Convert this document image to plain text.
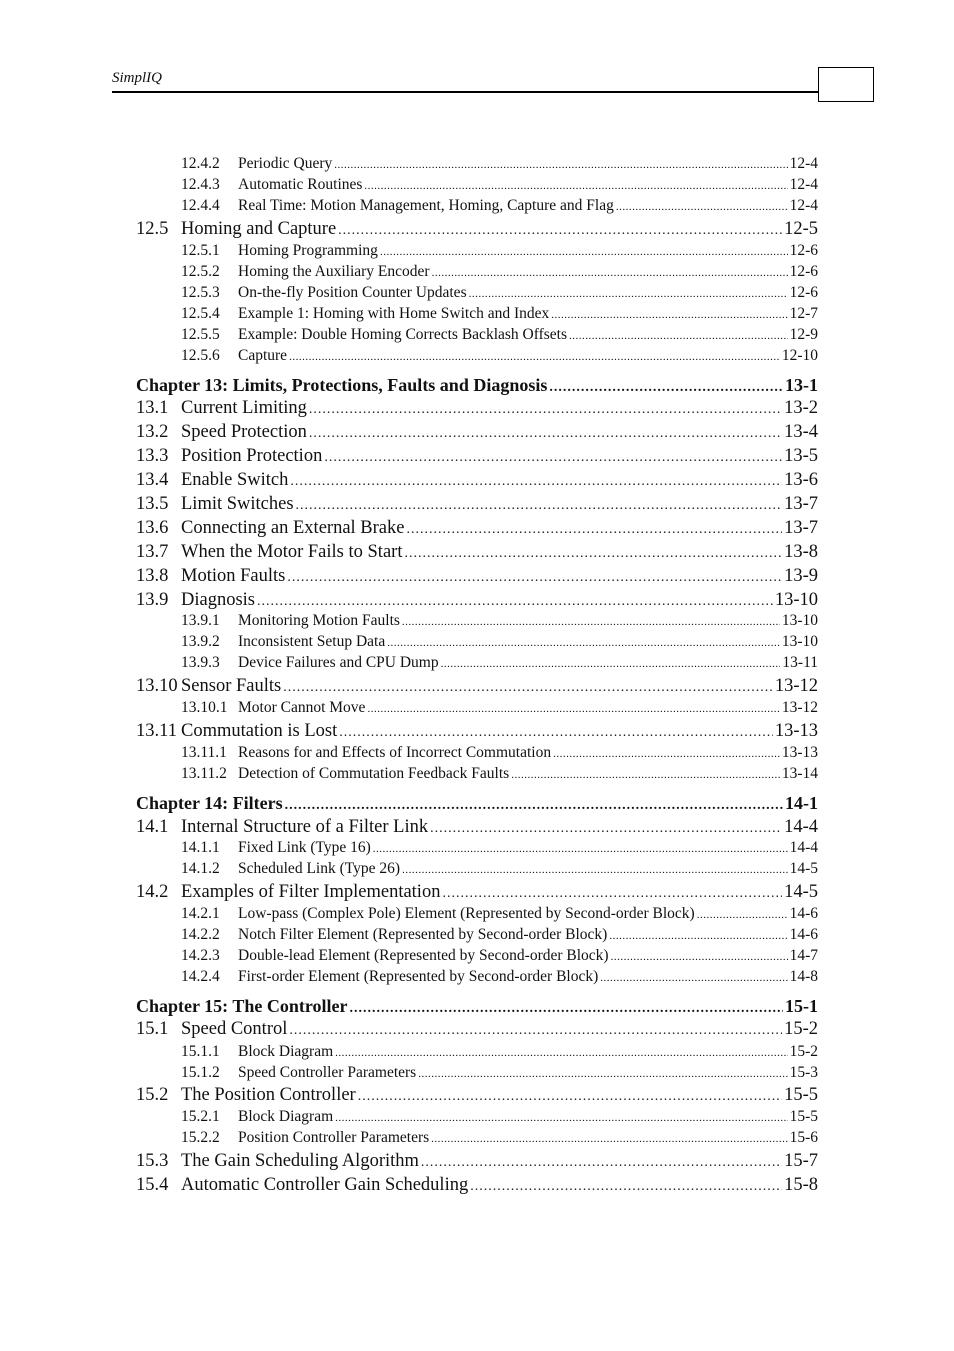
SimplIQ
12.4.2	Periodic Query .....	12-4
12.4.3	Automatic Routines .....	12-4
12.4.4	Real Time: Motion Management, Homing, Capture and Flag .....	12-4
12.5 Homing and Capture .....	12-5
12.5.1	Homing Programming .....	12-6
12.5.2	Homing the Auxiliary Encoder .....	12-6
12.5.3	On-the-fly Position Counter Updates .....	12-6
12.5.4	Example 1: Homing with Home Switch and Index .....	12-7
12.5.5	Example: Double Homing Corrects Backlash Offsets .....	12-9
12.5.6	Capture .....	12-10
Chapter 13: Limits, Protections, Faults and Diagnosis .....	13-1
13.1 Current Limiting .....	13-2
13.2 Speed Protection .....	13-4
13.3 Position Protection .....	13-5
13.4 Enable Switch .....	13-6
13.5 Limit Switches .....	13-7
13.6 Connecting an External Brake .....	13-7
13.7 When the Motor Fails to Start .....	13-8
13.8 Motion Faults .....	13-9
13.9 Diagnosis .....	13-10
13.9.1	Monitoring Motion Faults .....	13-10
13.9.2	Inconsistent Setup Data .....	13-10
13.9.3	Device Failures and CPU Dump .....	13-11
13.10 Sensor Faults .....	13-12
13.10.1 Motor Cannot Move .....	13-12
13.11 Commutation is Lost .....	13-13
13.11.1 Reasons for and Effects of Incorrect Commutation .....	13-13
13.11.2 Detection of Commutation Feedback Faults .....	13-14
Chapter 14: Filters .....	14-1
14.1 Internal Structure of a Filter Link .....	14-4
14.1.1	Fixed Link (Type 16) .....	14-4
14.1.2	Scheduled Link (Type 26) .....	14-5
14.2 Examples of Filter Implementation .....	14-5
14.2.1	Low-pass (Complex Pole) Element (Represented by Second-order Block) .....	14-6
14.2.2	Notch Filter Element (Represented by Second-order Block) .....	14-6
14.2.3	Double-lead Element (Represented by Second-order Block) .....	14-7
14.2.4	First-order Element (Represented by Second-order Block) .....	14-8
Chapter 15: The Controller .....	15-1
15.1 Speed Control .....	15-2
15.1.1	Block Diagram .....	15-2
15.1.2	Speed Controller Parameters .....	15-3
15.2 The Position Controller .....	15-5
15.2.1	Block Diagram .....	15-5
15.2.2	Position Controller Parameters .....	15-6
15.3 The Gain Scheduling Algorithm .....	15-7
15.4 Automatic Controller Gain Scheduling .....	15-8
